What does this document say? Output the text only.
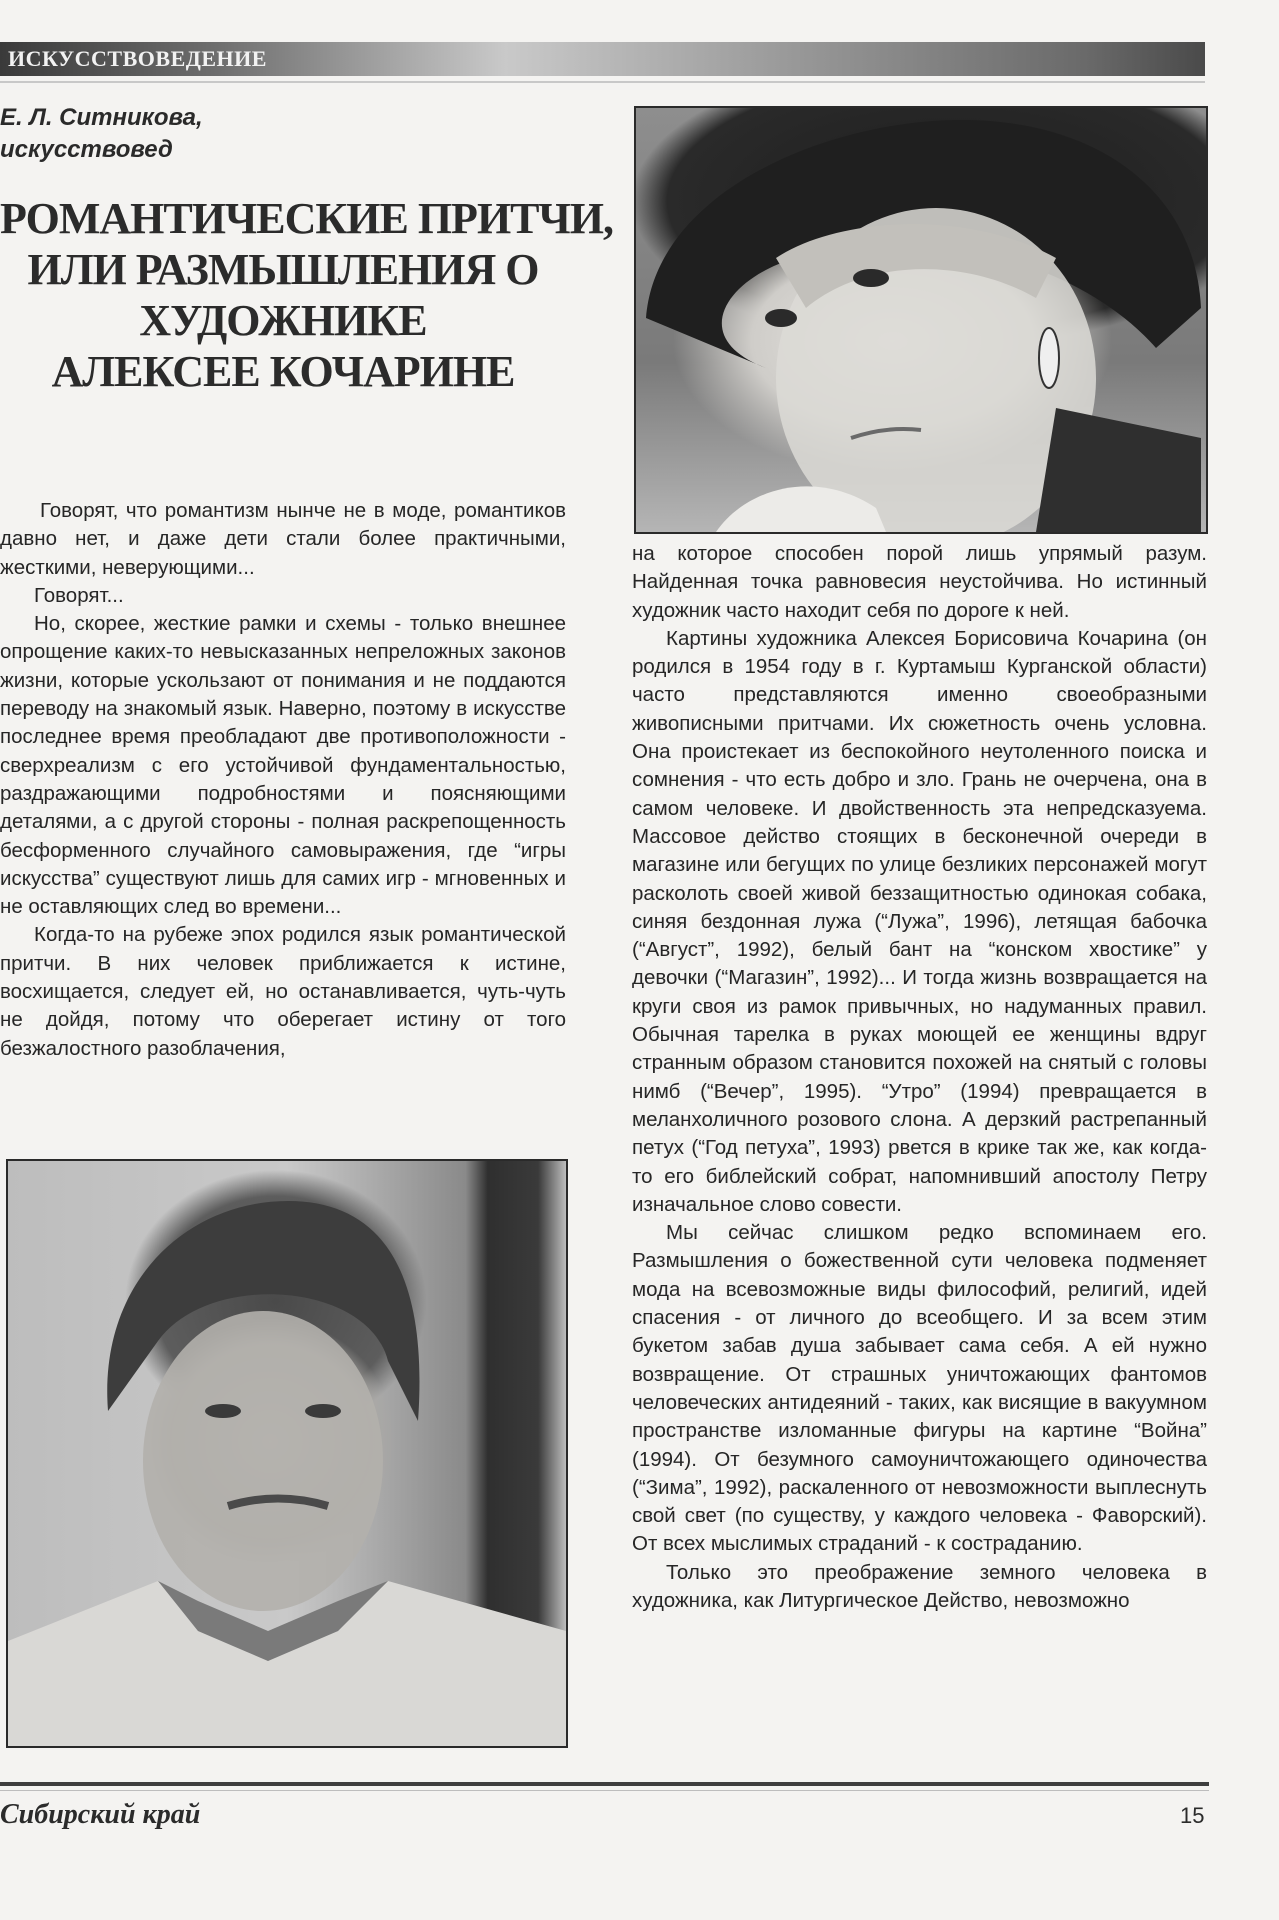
ИСКУССТВОВЕДЕНИЕ
Е. Л. Ситникова,
искусствовед
РОМАНТИЧЕСКИЕ ПРИТЧИ,
ИЛИ РАЗМЫШЛЕНИЯ О
ХУДОЖНИКЕ
АЛЕКСЕЕ КОЧАРИНЕ

Говорят, что романтизм нынче не в моде, романтиков давно нет, и даже дети стали более практичными, жесткими, неверующими...

Говорят...

Но, скорее, жесткие рамки и схемы - только внешнее опрощение каких-то невысказанных непреложных законов жизни, которые ускользают от понимания и не поддаются переводу на знакомый язык. Наверно, поэтому в искусстве последнее время преобладают две противоположности - сверхреализм с его устойчивой фундаментальностью, раздражающими подробностями и поясняющими деталями, а с другой стороны - полная раскрепощенность бесформенного случайного самовыражения, где “игры искусства” существуют лишь для самих игр - мгновенных и не оставляющих след во времени...

Когда-то на рубеже эпох родился язык романтической притчи. В них человек приближается к истине, восхищается, следует ей, но останавливается, чуть-чуть не дойдя, потому что оберегает истину от того безжалостного разоблачения,

на которое способен порой лишь упрямый разум. Найденная точка равновесия неустойчива. Но истинный художник часто находит себя по дороге к ней.

Картины художника Алексея Борисовича Кочарина (он родился в 1954 году в г. Куртамыш Курганской области) часто представляются именно своеобразными живописными притчами. Их сюжетность очень условна. Она проистекает из беспокойного неутоленного поиска и сомнения - что есть добро и зло. Грань не очерчена, она в самом человеке. И двойственность эта непредсказуема. Массовое действо стоящих в бесконечной очереди в магазине или бегущих по улице безликих персонажей могут расколоть своей живой беззащитностью одинокая собака, синяя бездонная лужа (“Лужа”, 1996), летящая бабочка (“Август”, 1992), белый бант на “конском хвостике” у девочки (“Магазин”, 1992)... И тогда жизнь возвращается на круги своя из рамок привычных, но надуманных правил. Обычная тарелка в руках моющей ее женщины вдруг странным образом становится похожей на снятый с головы нимб (“Вечер”, 1995). “Утро” (1994) превращается в меланхоличного розового слона. А дерзкий растрепанный петух (“Год петуха”, 1993) рвется в крике так же, как когда-то его библейский собрат, напомнивший апостолу Петру изначальное слово совести.

Мы сейчас слишком редко вспоминаем его. Размышления о божественной сути человека подменяет мода на всевозможные виды философий, религий, идей спасения - от личного до всеобщего. И за всем этим букетом забав душа забывает сама себя. А ей нужно возвращение. От страшных уничтожающих фантомов человеческих антидеяний - таких, как висящие в вакуумном пространстве изломанные фигуры на картине “Война” (1994). От безумного самоуничтожающего одиночества (“Зима”, 1992), раскаленного от невозможности выплеснуть свой свет (по существу, у каждого человека - Фаворский). От всех мыслимых страданий - к состраданию.

Только это преображение земного человека в художника, как Литургическое Действо, невозможно

Сибирский край	15
